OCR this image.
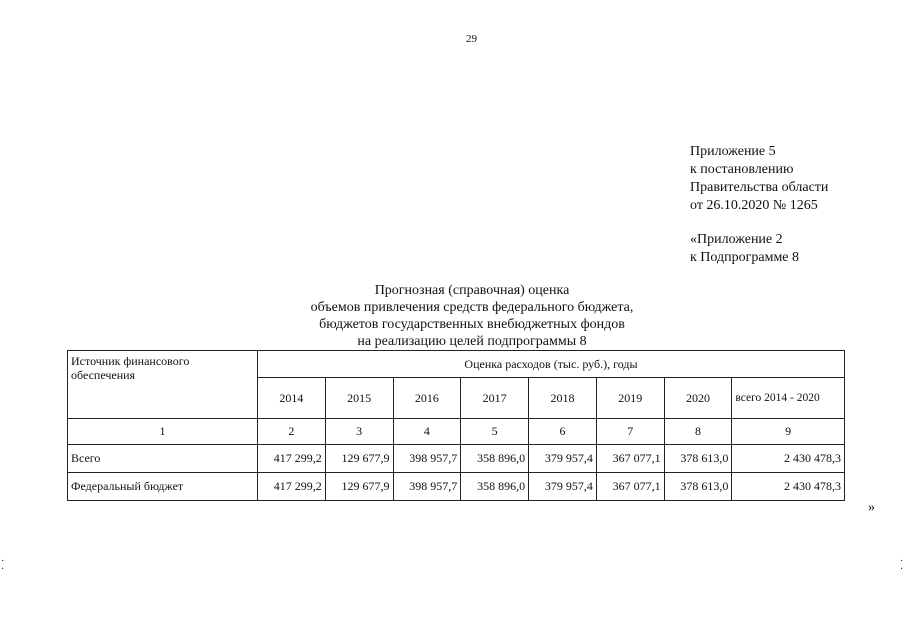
29
Приложение 5
к постановлению
Правительства области
от 26.10.2020 № 1265
«Приложение 2
к Подпрограмме 8
Прогнозная (справочная) оценка
объемов привлечения средств федерального бюджета,
бюджетов государственных внебюджетных фондов
на реализацию целей подпрограммы 8
Источник финансового обеспечения	Оценка расходов (тыс. руб.), годы							
	2014	2015	2016	2017	2018	2019	2020	всего 2014 - 2020
1	2	3	4	5	6	7	8	9
Всего	417 299,2	129 677,9	398 957,7	358 896,0	379 957,4	367 077,1	378 613,0	2 430 478,3
Федеральный бюджет	417 299,2	129 677,9	398 957,7	358 896,0	379 957,4	367 077,1	378 613,0	2 430 478,3
»
·
·
·
·
